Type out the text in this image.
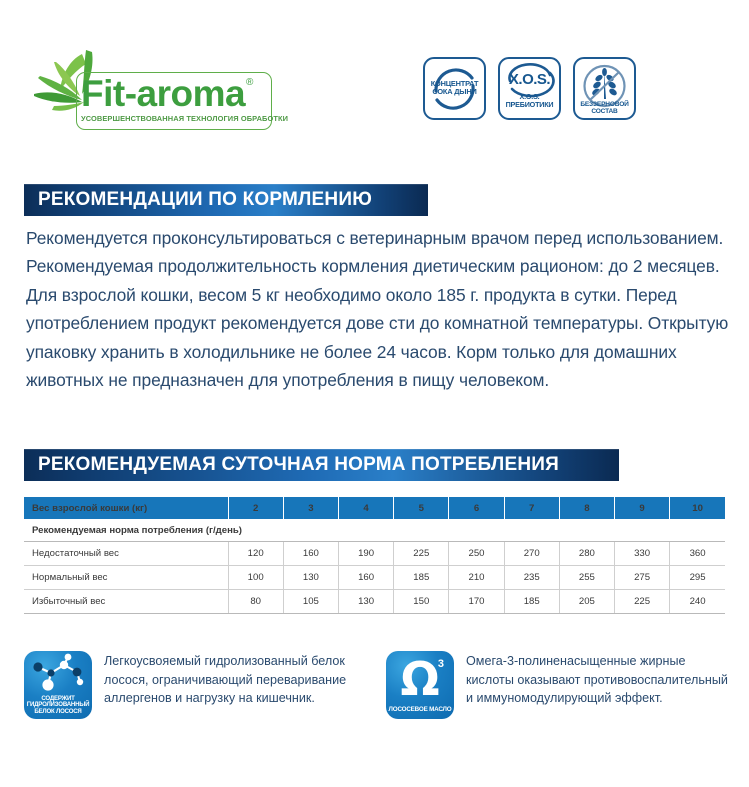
Fit-aroma ®
УСОВЕРШЕНСТВОВАННАЯ ТЕХНОЛОГИЯ ОБРАБОТКИ
КОНЦЕНТРАТ
СОКА ДЫНИ
X.O.S.
X.O.S.
ПРЕБИОТИКИ	БЕЗЗЕРНОВОЙ СОСТАВ
РЕКОМЕНДАЦИИ ПО КОРМЛЕНИЮ
Рекомендуется проконсультироваться с ветеринарным врачом перед использованием. Рекомендуемая продолжительность кормления диетическим рационом: до 2 месяцев. Для взрослой кошки, весом 5 кг необходимо около 185 г. продукта в сутки. Перед употреблением продукт рекомендуется дове сти до комнатной температуры. Открытую упаковку хранить в холодильнике не более 24 часов. Корм только для домашних животных не предназначен для употребления в пищу человеком.
РЕКОМЕНДУЕМАЯ СУТОЧНАЯ НОРМА ПОТРЕБЛЕНИЯ
Вес взрослой кошки (кг)	2	3	4	5	6	7	8	9	10
Рекомендуемая норма потребления (г/день)									
Недостаточный вес	120	160	190	225	250	270	280	330	360
Нормальный вес	100	130	160	185	210	235	255	275	295
Избыточный вес	80	105	130	150	170	185	205	225	240
СОДЕРЖИТ
ГИДРОЛИЗОВАННЫЙ
БЕЛОК ЛОСОСЯ
Легкоусвояемый гидролизованный белок лосося, ограничивающий переваривание аллергенов и нагрузку на кишечник.	Ω
3
ЛОСОСЕВОЕ МАСЛО
Омега-3-полиненасыщенные жирные кислоты оказывают противовоспалительный и иммуномодулирующий эффект.
